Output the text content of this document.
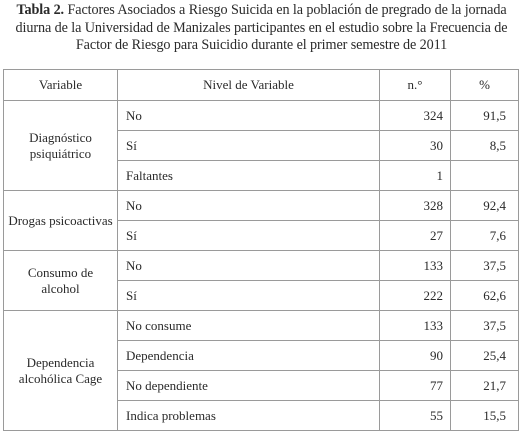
Tabla 2. Factores Asociados a Riesgo Suicida en la población de pregrado de la jornada diurna de la Universidad de Manizales participantes en el estudio sobre la Frecuencia de Factor de Riesgo para Suicidio durante el primer semestre de 2011
Variable	Nivel de Variable	n.°	%
Diagnóstico psiquiátrico	No	324	91,5
	Sí	30	8,5
	Faltantes	1	
Drogas psicoactivas	No	328	92,4
	Sí	27	7,6
Consumo de alcohol	No	133	37,5
	Sí	222	62,6
Dependencia alcohólica Cage	No consume	133	37,5
	Dependencia	90	25,4
	No dependiente	77	21,7
	Indica problemas	55	15,5
